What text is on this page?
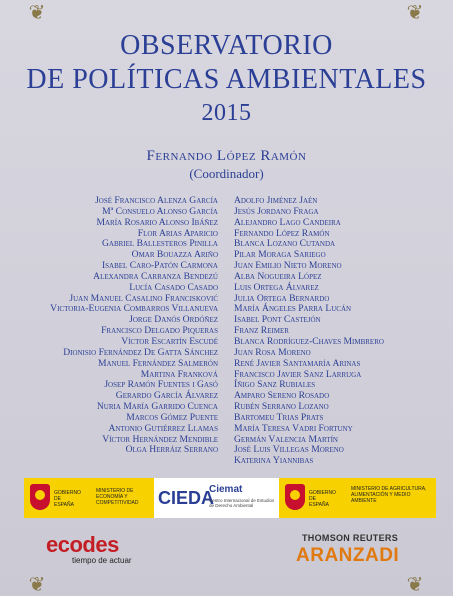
❦	❦
❦	❦
OBSERVATORIO
DE POLÍTICAS AMBIENTALES
2015
Fernando López Ramón
(Coordinador)
José Francisco Alenza García
Mª Consuelo Alonso García
María Rosario Alonso Ibáñez
Flor Arias Aparicio
Gabriel Ballesteros Pinilla
Omar Bouazza Ariño
Isabel Caro-Patón Carmona
Alexandra Carranza Bendezú
Lucía Casado Casado
Juan Manuel Casalino Francisković
Victoria-Eugenia Combarros Villanueva
Jorge Danós Ordóñez
Francisco Delgado Piqueras
Víctor Escartín Escudé
Dionisio Fernández De Gatta Sánchez
Manuel Fernández Salmerón
Martina Franková
Josep Ramón Fuentes i Gasó
Gerardo García Álvarez
Nuria María Garrido Cuenca
Marcos Gómez Puente
Antonio Gutiérrez Llamas
Víctor Hernández Mendible
Olga Herráiz Serrano
Adolfo Jiménez Jaén
Jesús Jordano Fraga
Alejandro Lago Candeira
Fernando López Ramón
Blanca Lozano Cutanda
Pilar Moraga Sariego
Juan Emilio Nieto Moreno
Alba Nogueira López
Luis Ortega Álvarez
Julia Ortega Bernardo
María Ángeles Parra Lucán
Isabel Pont Castejón
Franz Reimer
Blanca Rodríguez-Chaves Mimbrero
Juan Rosa Moreno
René Javier Santamaría Arinas
Francisco Javier Sanz Larruga
Íñigo Sanz Rubiales
Amparo Sereno Rosado
Rubén Serrano Lozano
Bartomeu Trias Prats
María Teresa Vadri Fortuny
Germán Valencia Martín
José Luis Villegas Moreno
Katerina Yiannibas
GOBIERNO DE ESPAÑA
MINISTERIO DE ECONOMÍA Y COMPETITIVIDAD	CIEDA
Ciemat
Centro Internacional de Estudios de Derecho Ambiental
GOBIERNO DE ESPAÑA
MINISTERIO DE AGRICULTURA, ALIMENTACIÓN Y MEDIO AMBIENTE
ecodes
tiempo de actuar
THOMSON REUTERS
ARANZADI
